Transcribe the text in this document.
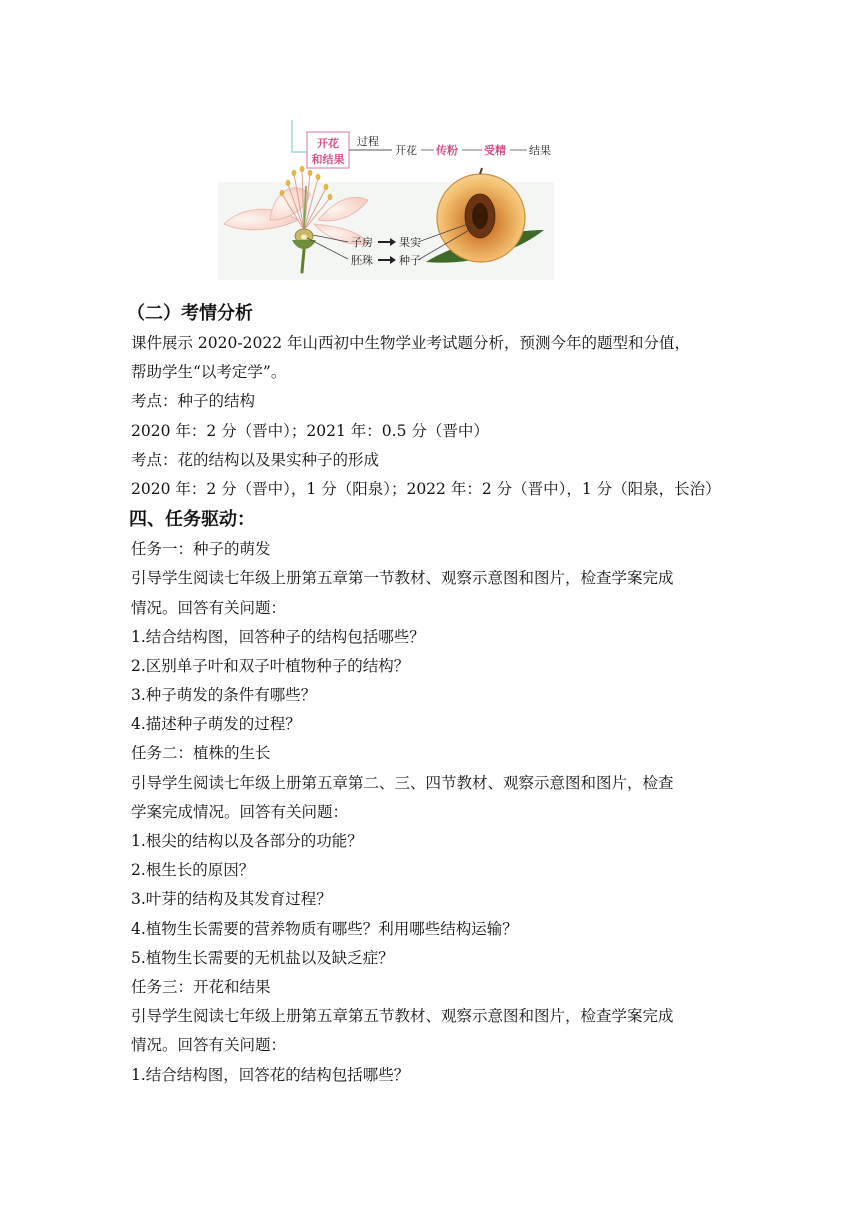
开花
和结果
过程
开花 传粉 受精 结果
子房 果实
胚珠 种子
（二）考情分析
课件展示 2020-2022 年山西初中生物学业考试题分析，预测今年的题型和分值，
帮助学生“以考定学”。
考点：种子的结构
2020 年：2 分（晋中）；2021 年：0.5 分（晋中）
考点：花的结构以及果实种子的形成
2020 年：2 分（晋中），1 分（阳泉）；2022 年：2 分（晋中），1 分（阳泉，长治）
四、任务驱动：
任务一：种子的萌发
引导学生阅读七年级上册第五章第一节教材、观察示意图和图片，检查学案完成
情况。回答有关问题：
1.结合结构图，回答种子的结构包括哪些？
2.区别单子叶和双子叶植物种子的结构？
3.种子萌发的条件有哪些？
4.描述种子萌发的过程？
任务二：植株的生长
引导学生阅读七年级上册第五章第二、三、四节教材、观察示意图和图片，检查
学案完成情况。回答有关问题：
1.根尖的结构以及各部分的功能？
2.根生长的原因？
3.叶芽的结构及其发育过程？
4.植物生长需要的营养物质有哪些？利用哪些结构运输？
5.植物生长需要的无机盐以及缺乏症？
任务三：开花和结果
引导学生阅读七年级上册第五章第五节教材、观察示意图和图片，检查学案完成
情况。回答有关问题：
1.结合结构图，回答花的结构包括哪些？
